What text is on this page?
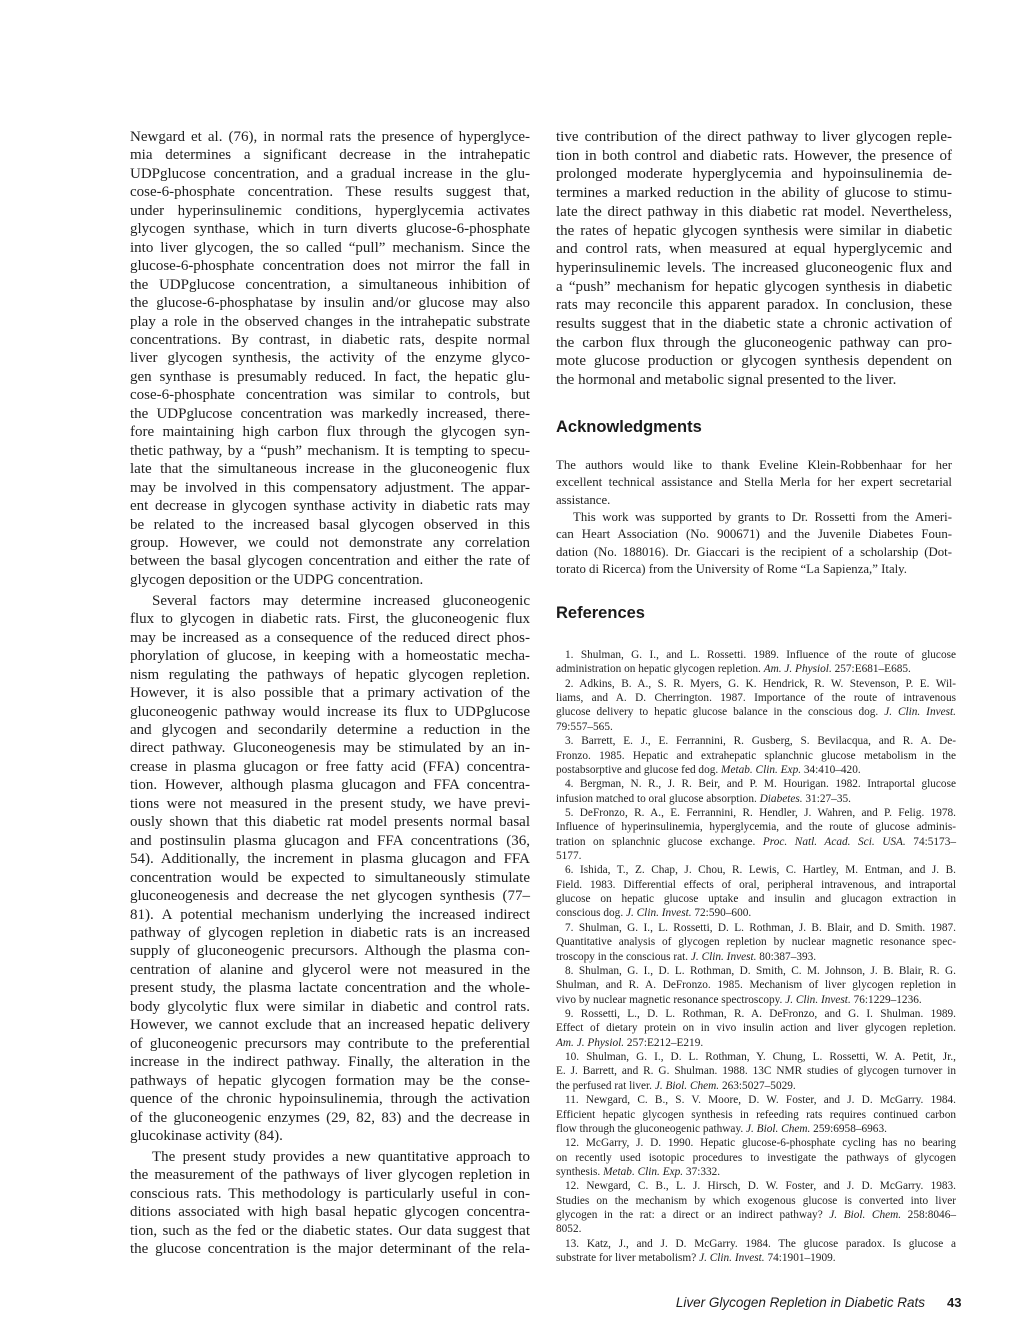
Newgard et al. (76), in normal rats the presence of hyperglyce-
mia determines a significant decrease in the intrahepatic
UDPglucose concentration, and a gradual increase in the glu-
cose-6-phosphate concentration. These results suggest that,
under hyperinsulinemic conditions, hyperglycemia activates
glycogen synthase, which in turn diverts glucose-6-phosphate
into liver glycogen, the so called “pull” mechanism. Since the
glucose-6-phosphate concentration does not mirror the fall in
the UDPglucose concentration, a simultaneous inhibition of
the glucose-6-phosphatase by insulin and/or glucose may also
play a role in the observed changes in the intrahepatic substrate
concentrations. By contrast, in diabetic rats, despite normal
liver glycogen synthesis, the activity of the enzyme glyco-
gen synthase is presumably reduced. In fact, the hepatic glu-
cose-6-phosphate concentration was similar to controls, but
the UDPglucose concentration was markedly increased, there-
fore maintaining high carbon flux through the glycogen syn-
thetic pathway, by a “push” mechanism. It is tempting to specu-
late that the simultaneous increase in the gluconeogenic flux
may be involved in this compensatory adjustment. The appar-
ent decrease in glycogen synthase activity in diabetic rats may
be related to the increased basal glycogen observed in this
group. However, we could not demonstrate any correlation
between the basal glycogen concentration and either the rate of
glycogen deposition or the UDPG concentration.
Several factors may determine increased gluconeogenic
flux to glycogen in diabetic rats. First, the gluconeogenic flux
may be increased as a consequence of the reduced direct phos-
phorylation of glucose, in keeping with a homeostatic mecha-
nism regulating the pathways of hepatic glycogen repletion.
However, it is also possible that a primary activation of the
gluconeogenic pathway would increase its flux to UDPglucose
and glycogen and secondarily determine a reduction in the
direct pathway. Gluconeogenesis may be stimulated by an in-
crease in plasma glucagon or free fatty acid (FFA) concentra-
tion. However, although plasma glucagon and FFA concentra-
tions were not measured in the present study, we have previ-
ously shown that this diabetic rat model presents normal basal
and postinsulin plasma glucagon and FFA concentrations (36,
54). Additionally, the increment in plasma glucagon and FFA
concentration would be expected to simultaneously stimulate
gluconeogenesis and decrease the net glycogen synthesis (77–
81). A potential mechanism underlying the increased indirect
pathway of glycogen repletion in diabetic rats is an increased
supply of gluconeogenic precursors. Although the plasma con-
centration of alanine and glycerol were not measured in the
present study, the plasma lactate concentration and the whole-
body glycolytic flux were similar in diabetic and control rats.
However, we cannot exclude that an increased hepatic delivery
of gluconeogenic precursors may contribute to the preferential
increase in the indirect pathway. Finally, the alteration in the
pathways of hepatic glycogen formation may be the conse-
quence of the chronic hypoinsulinemia, through the activation
of the gluconeogenic enzymes (29, 82, 83) and the decrease in
glucokinase activity (84).
The present study provides a new quantitative approach to
the measurement of the pathways of liver glycogen repletion in
conscious rats. This methodology is particularly useful in con-
ditions associated with high basal hepatic glycogen concentra-
tion, such as the fed or the diabetic states. Our data suggest that
the glucose concentration is the major determinant of the rela-
tive contribution of the direct pathway to liver glycogen reple-
tion in both control and diabetic rats. However, the presence of
prolonged moderate hyperglycemia and hypoinsulinemia de-
termines a marked reduction in the ability of glucose to stimu-
late the direct pathway in this diabetic rat model. Nevertheless,
the rates of hepatic glycogen synthesis were similar in diabetic
and control rats, when measured at equal hyperglycemic and
hyperinsulinemic levels. The increased gluconeogenic flux and
a “push” mechanism for hepatic glycogen synthesis in diabetic
rats may reconcile this apparent paradox. In conclusion, these
results suggest that in the diabetic state a chronic activation of
the carbon flux through the gluconeogenic pathway can pro-
mote glucose production or glycogen synthesis dependent on
the hormonal and metabolic signal presented to the liver.
Acknowledgments
The authors would like to thank Eveline Klein-Robbenhaar for her
excellent technical assistance and Stella Merla for her expert secretarial
assistance.
This work was supported by grants to Dr. Rossetti from the Ameri-
can Heart Association (No. 900671) and the Juvenile Diabetes Foun-
dation (No. 188016). Dr. Giaccari is the recipient of a scholarship (Dot-
torato di Ricerca) from the University of Rome “La Sapienza,” Italy.
References
1. Shulman, G. I., and L. Rossetti. 1989. Influence of the route of glucose
administration on hepatic glycogen repletion. Am. J. Physiol. 257:E681–E685.
2. Adkins, B. A., S. R. Myers, G. K. Hendrick, R. W. Stevenson, P. E. Wil-
liams, and A. D. Cherrington. 1987. Importance of the route of intravenous
glucose delivery to hepatic glucose balance in the conscious dog. J. Clin. Invest.
79:557–565.
3. Barrett, E. J., E. Ferrannini, R. Gusberg, S. Bevilacqua, and R. A. De-
Fronzo. 1985. Hepatic and extrahepatic splanchnic glucose metabolism in the
postabsorptive and glucose fed dog. Metab. Clin. Exp. 34:410–420.
4. Bergman, N. R., J. R. Beir, and P. M. Hourigan. 1982. Intraportal glucose
infusion matched to oral glucose absorption. Diabetes. 31:27–35.
5. DeFronzo, R. A., E. Ferrannini, R. Hendler, J. Wahren, and P. Felig. 1978.
Influence of hyperinsulinemia, hyperglycemia, and the route of glucose adminis-
tration on splanchnic glucose exchange. Proc. Natl. Acad. Sci. USA. 74:5173–
5177.
6. Ishida, T., Z. Chap, J. Chou, R. Lewis, C. Hartley, M. Entman, and J. B.
Field. 1983. Differential effects of oral, peripheral intravenous, and intraportal
glucose on hepatic glucose uptake and insulin and glucagon extraction in
conscious dog. J. Clin. Invest. 72:590–600.
7. Shulman, G. I., L. Rossetti, D. L. Rothman, J. B. Blair, and D. Smith. 1987.
Quantitative analysis of glycogen repletion by nuclear magnetic resonance spec-
troscopy in the conscious rat. J. Clin. Invest. 80:387–393.
8. Shulman, G. I., D. L. Rothman, D. Smith, C. M. Johnson, J. B. Blair, R. G.
Shulman, and R. A. DeFronzo. 1985. Mechanism of liver glycogen repletion in
vivo by nuclear magnetic resonance spectroscopy. J. Clin. Invest. 76:1229–1236.
9. Rossetti, L., D. L. Rothman, R. A. DeFronzo, and G. I. Shulman. 1989.
Effect of dietary protein on in vivo insulin action and liver glycogen repletion.
Am. J. Physiol. 257:E212–E219.
10. Shulman, G. I., D. L. Rothman, Y. Chung, L. Rossetti, W. A. Petit, Jr.,
E. J. Barrett, and R. G. Shulman. 1988. 13C NMR studies of glycogen turnover in
the perfused rat liver. J. Biol. Chem. 263:5027–5029.
11. Newgard, C. B., S. V. Moore, D. W. Foster, and J. D. McGarry. 1984.
Efficient hepatic glycogen synthesis in refeeding rats requires continued carbon
flow through the gluconeogenic pathway. J. Biol. Chem. 259:6958–6963.
12. McGarry, J. D. 1990. Hepatic glucose-6-phosphate cycling has no bearing
on recently used isotopic procedures to investigate the pathways of glycogen
synthesis. Metab. Clin. Exp. 37:332.
12. Newgard, C. B., L. J. Hirsch, D. W. Foster, and J. D. McGarry. 1983.
Studies on the mechanism by which exogenous glucose is converted into liver
glycogen in the rat: a direct or an indirect pathway? J. Biol. Chem. 258:8046–
8052.
13. Katz, J., and J. D. McGarry. 1984. The glucose paradox. Is glucose a
substrate for liver metabolism? J. Clin. Invest. 74:1901–1909.
Liver Glycogen Repletion in Diabetic Rats 43
